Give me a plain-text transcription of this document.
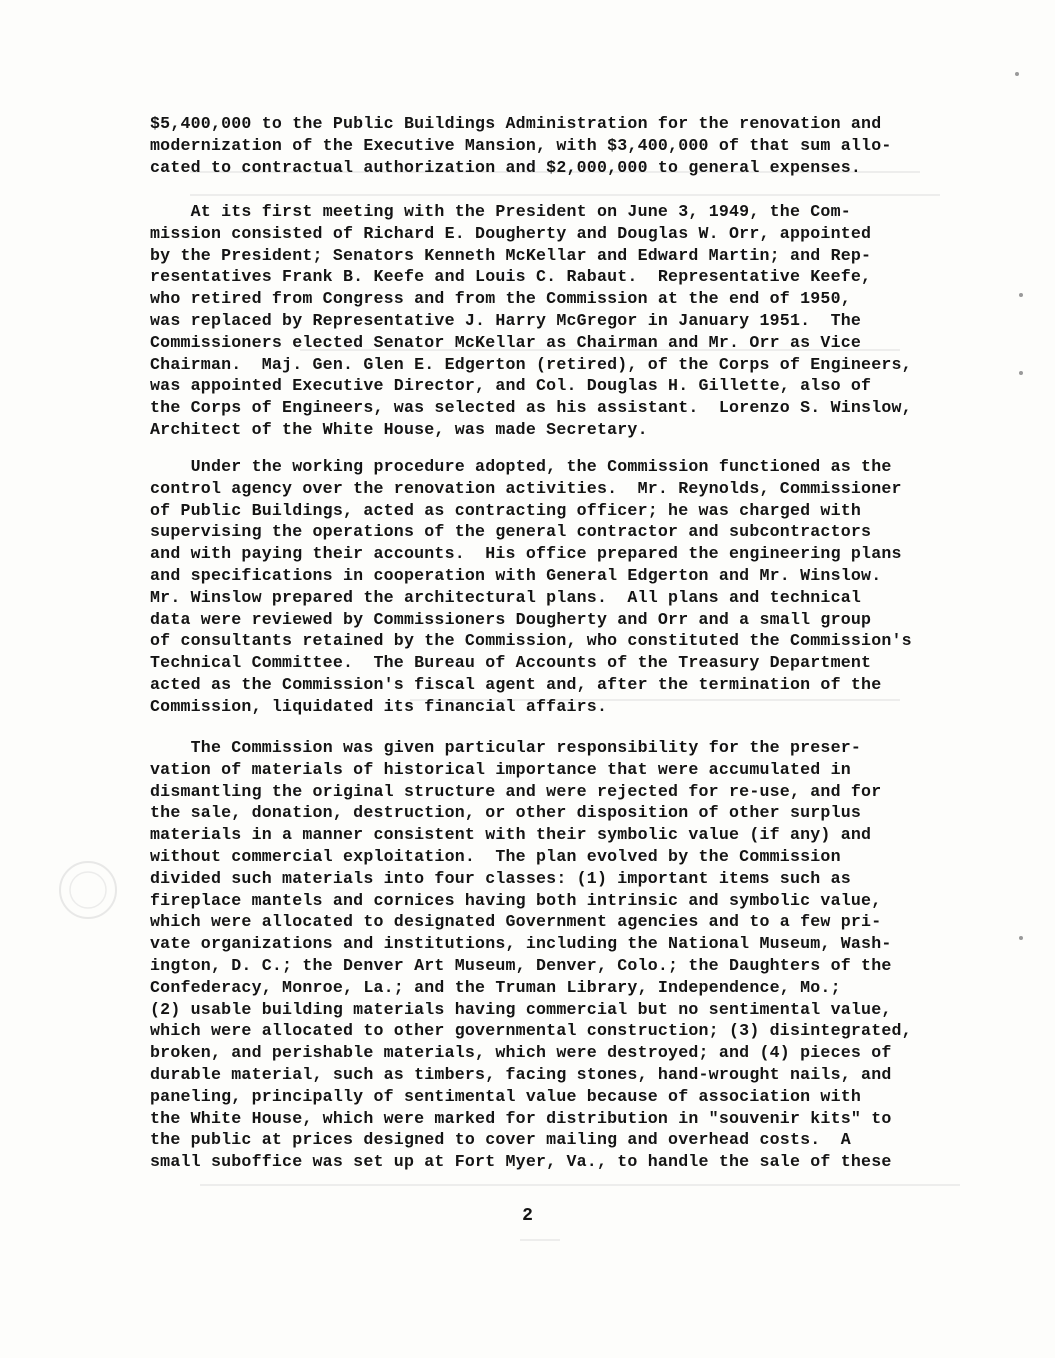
$5,400,000 to the Public Buildings Administration for the renovation and
modernization of the Executive Mansion, with $3,400,000 of that sum allo-
cated to contractual authorization and $2,000,000 to general expenses.

At its first meeting with the President on June 3, 1949, the Com-
mission consisted of Richard E. Dougherty and Douglas W. Orr, appointed
by the President; Senators Kenneth McKellar and Edward Martin; and Rep-
resentatives Frank B. Keefe and Louis C. Rabaut.  Representative Keefe,
who retired from Congress and from the Commission at the end of 1950,
was replaced by Representative J. Harry McGregor in January 1951.  The
Commissioners elected Senator McKellar as Chairman and Mr. Orr as Vice
Chairman.  Maj. Gen. Glen E. Edgerton (retired), of the Corps of Engineers,
was appointed Executive Director, and Col. Douglas H. Gillette, also of
the Corps of Engineers, was selected as his assistant.  Lorenzo S. Winslow,
Architect of the White House, was made Secretary.

Under the working procedure adopted, the Commission functioned as the
control agency over the renovation activities.  Mr. Reynolds, Commissioner
of Public Buildings, acted as contracting officer; he was charged with
supervising the operations of the general contractor and subcontractors
and with paying their accounts.  His office prepared the engineering plans
and specifications in cooperation with General Edgerton and Mr. Winslow.
Mr. Winslow prepared the architectural plans.  All plans and technical
data were reviewed by Commissioners Dougherty and Orr and a small group
of consultants retained by the Commission, who constituted the Commission's
Technical Committee.  The Bureau of Accounts of the Treasury Department
acted as the Commission's fiscal agent and, after the termination of the
Commission, liquidated its financial affairs.

The Commission was given particular responsibility for the preser-
vation of materials of historical importance that were accumulated in
dismantling the original structure and were rejected for re-use, and for
the sale, donation, destruction, or other disposition of other surplus
materials in a manner consistent with their symbolic value (if any) and
without commercial exploitation.  The plan evolved by the Commission
divided such materials into four classes: (1) important items such as
fireplace mantels and cornices having both intrinsic and symbolic value,
which were allocated to designated Government agencies and to a few pri-
vate organizations and institutions, including the National Museum, Wash-
ington, D. C.; the Denver Art Museum, Denver, Colo.; the Daughters of the
Confederacy, Monroe, La.; and the Truman Library, Independence, Mo.;
(2) usable building materials having commercial but no sentimental value,
which were allocated to other governmental construction; (3) disintegrated,
broken, and perishable materials, which were destroyed; and (4) pieces of
durable material, such as timbers, facing stones, hand-wrought nails, and
paneling, principally of sentimental value because of association with
the White House, which were marked for distribution in "souvenir kits" to
the public at prices designed to cover mailing and overhead costs.  A
small suboffice was set up at Fort Myer, Va., to handle the sale of these

2
